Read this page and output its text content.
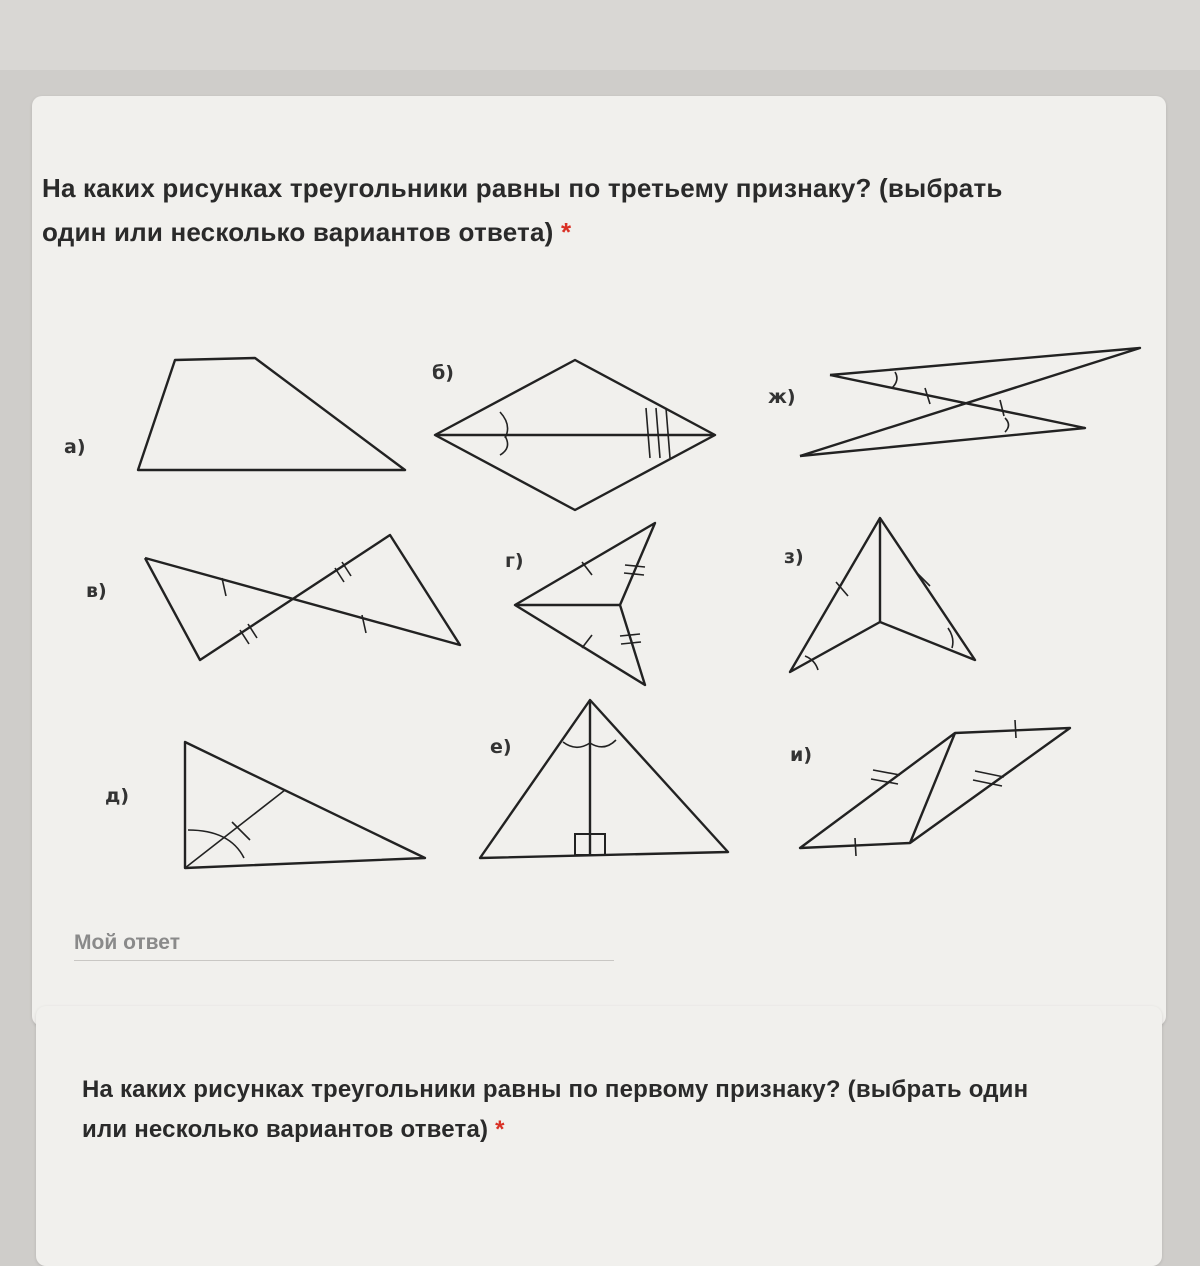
На каких рисунках треугольники равны по третьему признаку? (выбрать
один или несколько вариантов ответа) *
Мой ответ
а)
б)
ж)
в)
г)	з)
д)
е)	и)
На каких рисунках треугольники равны по первому признаку? (выбрать один
или несколько вариантов ответа) *
